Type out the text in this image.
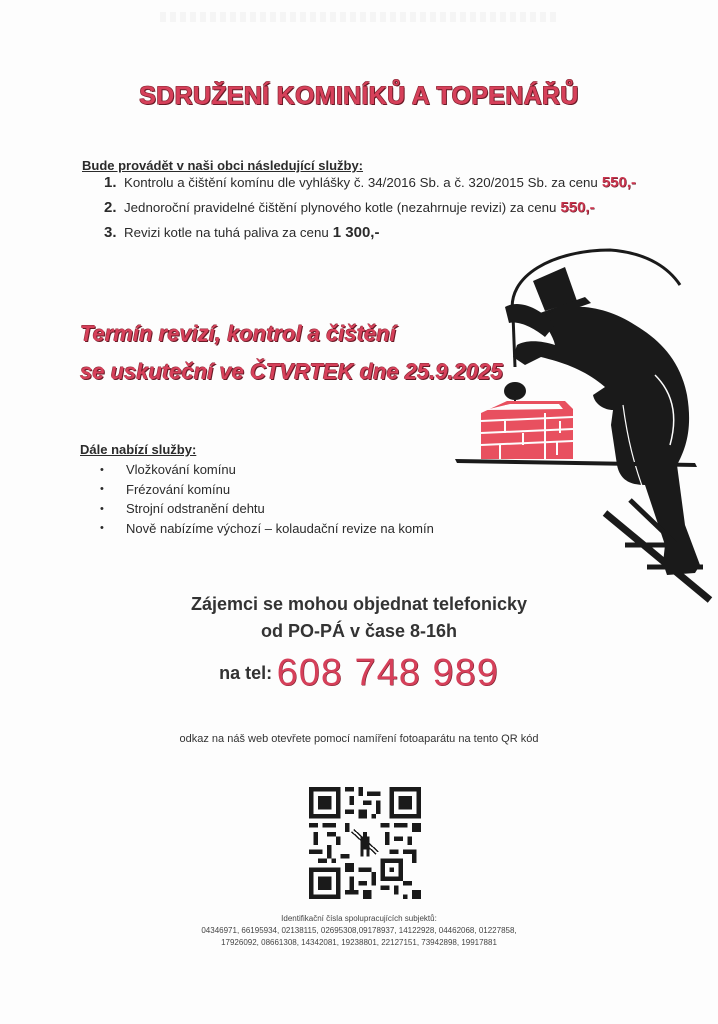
SDRUŽENÍ KOMINÍKŮ A TOPENÁŘŮ
Bude provádět v naši obci následující služby:
1. Kontrolu a čištění komínu dle vyhlášky č. 34/2016 Sb. a č. 320/2015 Sb. za cenu 550,-
2. Jednoroční pravidelné čištění plynového kotle (nezahrnuje revizi) za cenu 550,-
3. Revizi kotle na tuhá paliva za cenu 1 300,-
Termín revizí, kontrol a čištění
se uskuteční ve ČTVRTEK dne 25.9.2025
Dále nabízí služby:
•	Vložkování komínu
•	Frézování komínu
•	Strojní odstranění dehtu
•	Nově nabízíme výchozí – kolaudační revize na komín
Zájemci se mohou objednat telefonicky
od PO-PÁ v čase 8-16h
na tel: 608 748 989
odkaz na náš web otevřete pomocí namíření fotoaparátu na tento QR kód
Identifikační čísla spolupracujících subjektů:
04346971, 66195934, 02138115, 02695308,09178937, 14122928, 04462068, 01227858,
17926092, 08661308, 14342081, 19238801, 22127151, 73942898, 19917881
